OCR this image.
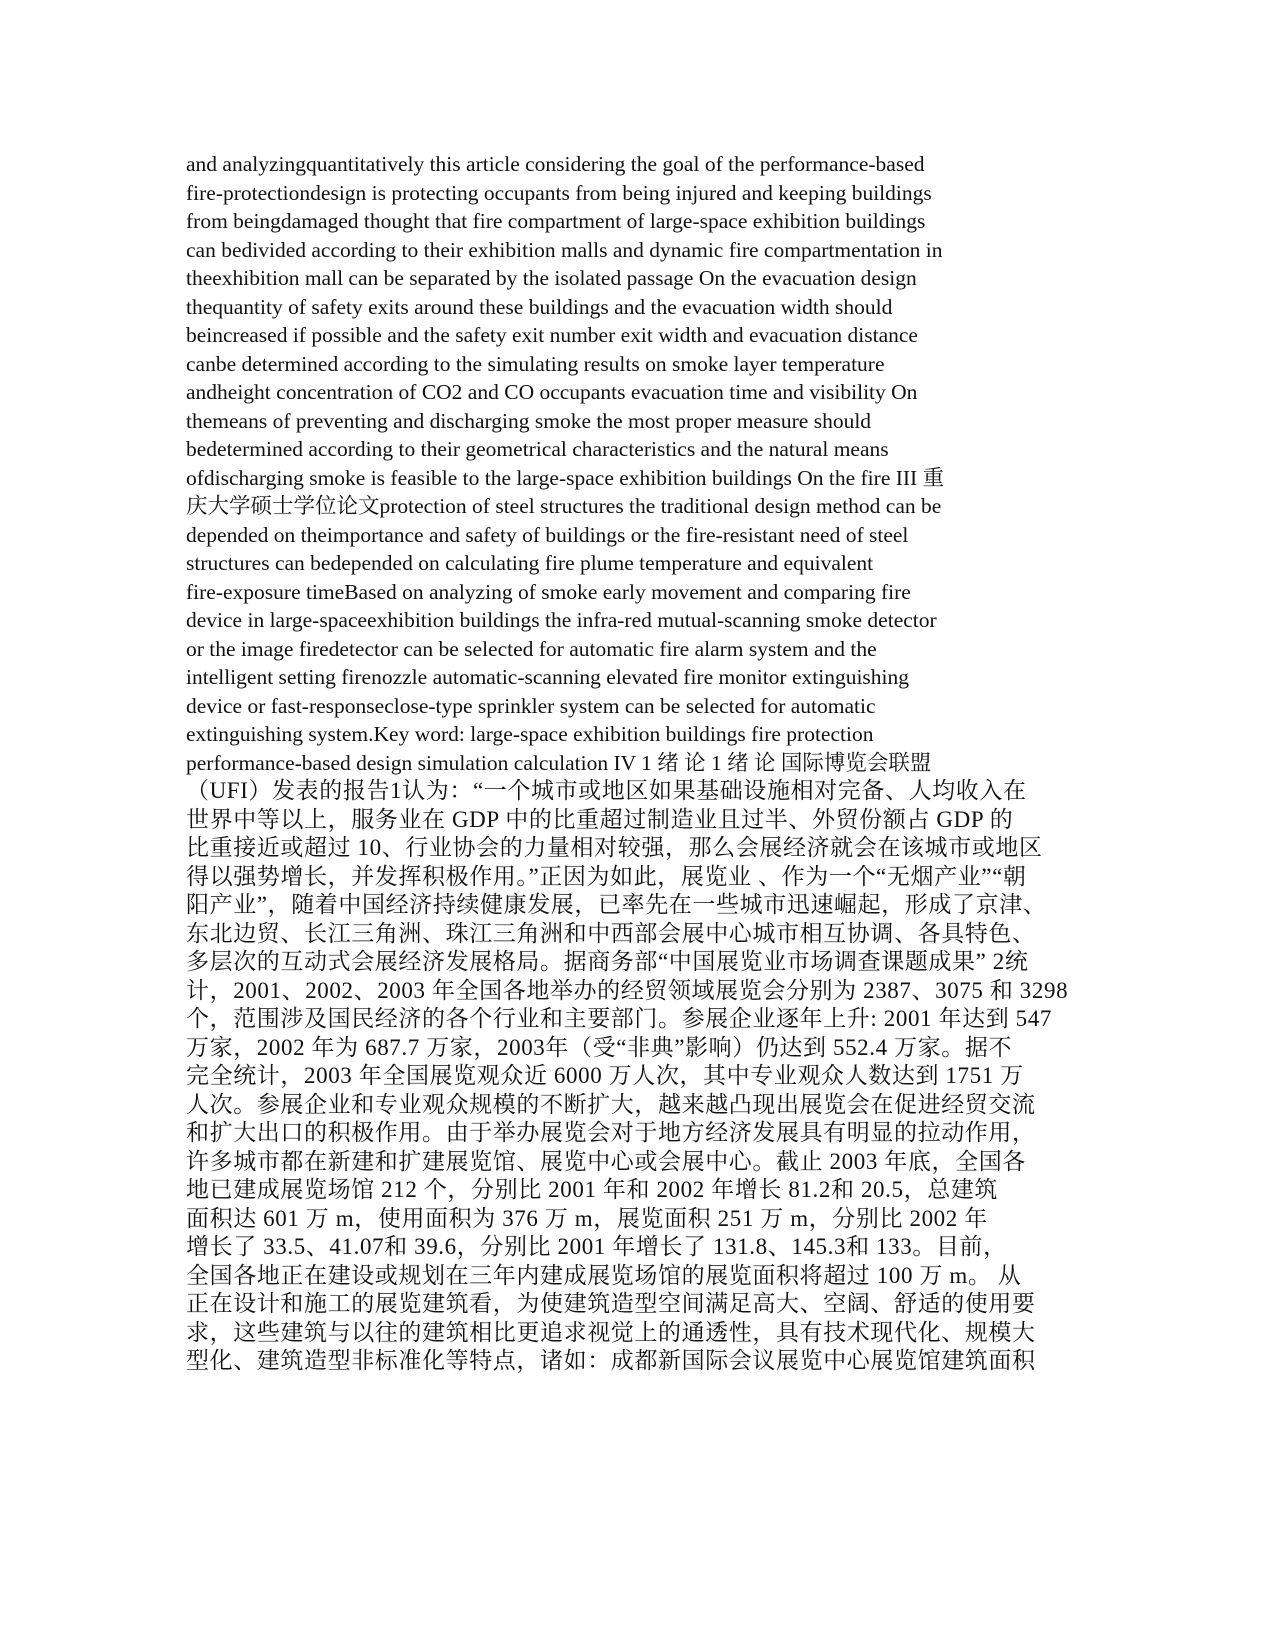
and analyzingquantitatively this article considering the goal of the performance-based
fire-protectiondesign is protecting occupants from being injured and keeping buildings
from beingdamaged thought that fire compartment of large-space exhibition buildings
can bedivided according to their exhibition malls and dynamic fire compartmentation in
theexhibition mall can be separated by the isolated passage On the evacuation design
thequantity of safety exits around these buildings and the evacuation width should
beincreased if possible and the safety exit number exit width and evacuation distance
canbe determined according to the simulating results on smoke layer temperature
andheight concentration of CO2 and CO occupants evacuation time and visibility On
themeans of preventing and discharging smoke the most proper measure should
bedetermined according to their geometrical characteristics and the natural means
ofdischarging smoke is feasible to the large-space exhibition buildings On the fire III 重
庆大学硕士学位论文protection of steel structures the traditional design method can be
depended on theimportance and safety of buildings or the fire-resistant need of steel
structures can bedepended on calculating fire plume temperature and equivalent
fire-exposure timeBased on analyzing of smoke early movement and comparing fire
device in large-spaceexhibition buildings the infra-red mutual-scanning smoke detector
or the image firedetector can be selected for automatic fire alarm system and the
intelligent setting firenozzle automatic-scanning elevated fire monitor extinguishing
device or fast-responseclose-type sprinkler system can be selected for automatic
extinguishing system.Key word: large-space exhibition buildings fire protection
performance-based design simulation calculation IV 1 绪 论 1 绪 论 国际博览会联盟
（UFI）发表的报告1认为：“一个城市或地区如果基础设施相对完备、人均收入在
世界中等以上，服务业在 GDP 中的比重超过制造业且过半、外贸份额占 GDP 的
比重接近或超过 10、行业协会的力量相对较强，那么会展经济就会在该城市或地区
得以强势增长，并发挥积极作用。”正因为如此，展览业 、作为一个“无烟产业”“朝
阳产业”，随着中国经济持续健康发展，已率先在一些城市迅速崛起，形成了京津、
东北边贸、长江三角洲、珠江三角洲和中西部会展中心城市相互协调、各具特色、
多层次的互动式会展经济发展格局。据商务部“中国展览业市场调查课题成果” 2统
计，2001、2002、2003 年全国各地举办的经贸领域展览会分别为 2387、3075 和 3298
个，范围涉及国民经济的各个行业和主要部门。参展企业逐年上升: 2001 年达到 547
万家，2002 年为 687.7 万家，2003年（受“非典”影响）仍达到 552.4 万家。据不
完全统计，2003 年全国展览观众近 6000 万人次，其中专业观众人数达到 1751 万
人次。参展企业和专业观众规模的不断扩大，越来越凸现出展览会在促进经贸交流
和扩大出口的积极作用。由于举办展览会对于地方经济发展具有明显的拉动作用，
许多城市都在新建和扩建展览馆、展览中心或会展中心。截止 2003 年底，全国各
地已建成展览场馆 212 个，分别比 2001 年和 2002 年增长 81.2和 20.5，总建筑
面积达 601 万 m，使用面积为 376 万 m，展览面积 251 万 m，分别比 2002 年
增长了 33.5、41.07和 39.6，分别比 2001 年增长了 131.8、145.3和 133。目前，
全国各地正在建设或规划在三年内建成展览场馆的展览面积将超过 100 万 m。 从
正在设计和施工的展览建筑看，为使建筑造型空间满足高大、空阔、舒适的使用要
求，这些建筑与以往的建筑相比更追求视觉上的通透性，具有技术现代化、规模大
型化、建筑造型非标准化等特点，诸如：成都新国际会议展览中心展览馆建筑面积
